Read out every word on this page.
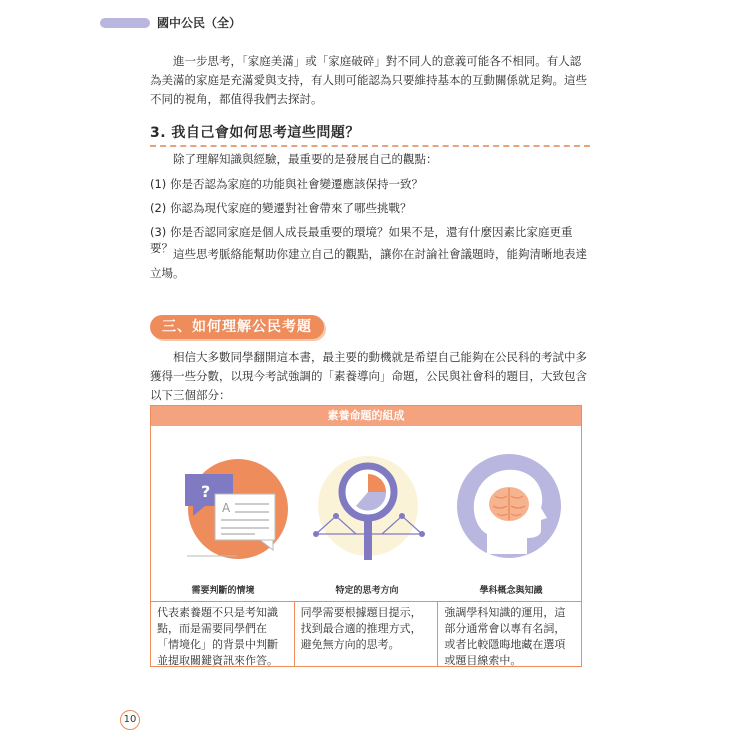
國中公民（全）

進一步思考，「家庭美滿」或「家庭破碎」對不同人的意義可能各不相同。有人認為美滿的家庭是充滿愛與支持，有人則可能認為只要維持基本的互動關係就足夠。這些不同的視角，都值得我們去探討。

3. 我自己會如何思考這些問題？

除了理解知識與經驗，最重要的是發展自己的觀點：

(1) 你是否認為家庭的功能與社會變遷應該保持一致？
(2) 你認為現代家庭的變遷對社會帶來了哪些挑戰？
(3) 你是否認同家庭是個人成長最重要的環境？如果不是，還有什麼因素比家庭更重要？ 這些思考脈絡能幫助你建立自己的觀點，讓你在討論社會議題時，能夠清晰地表達立場。

三、如何理解公民考題

相信大多數同學翻開這本書，最主要的動機就是希望自己能夠在公民科的考試中多獲得一些分數，以現今考試強調的「素養導向」命題，公民與社會科的題目，大致包含以下三個部分：

素養命題的組成
?
A
需要判斷的情境	特定的思考方向	學科概念與知識
代表素養題不只是考知識點，而是需要同學們在「情境化」的背景中判斷並提取關鍵資訊來作答。
同學需要根據題目提示，找到最合適的推理方式，避免無方向的思考。
強調學科知識的運用，這部分通常會以專有名詞，或者比較隱晦地藏在選項或題目線索中。
10
